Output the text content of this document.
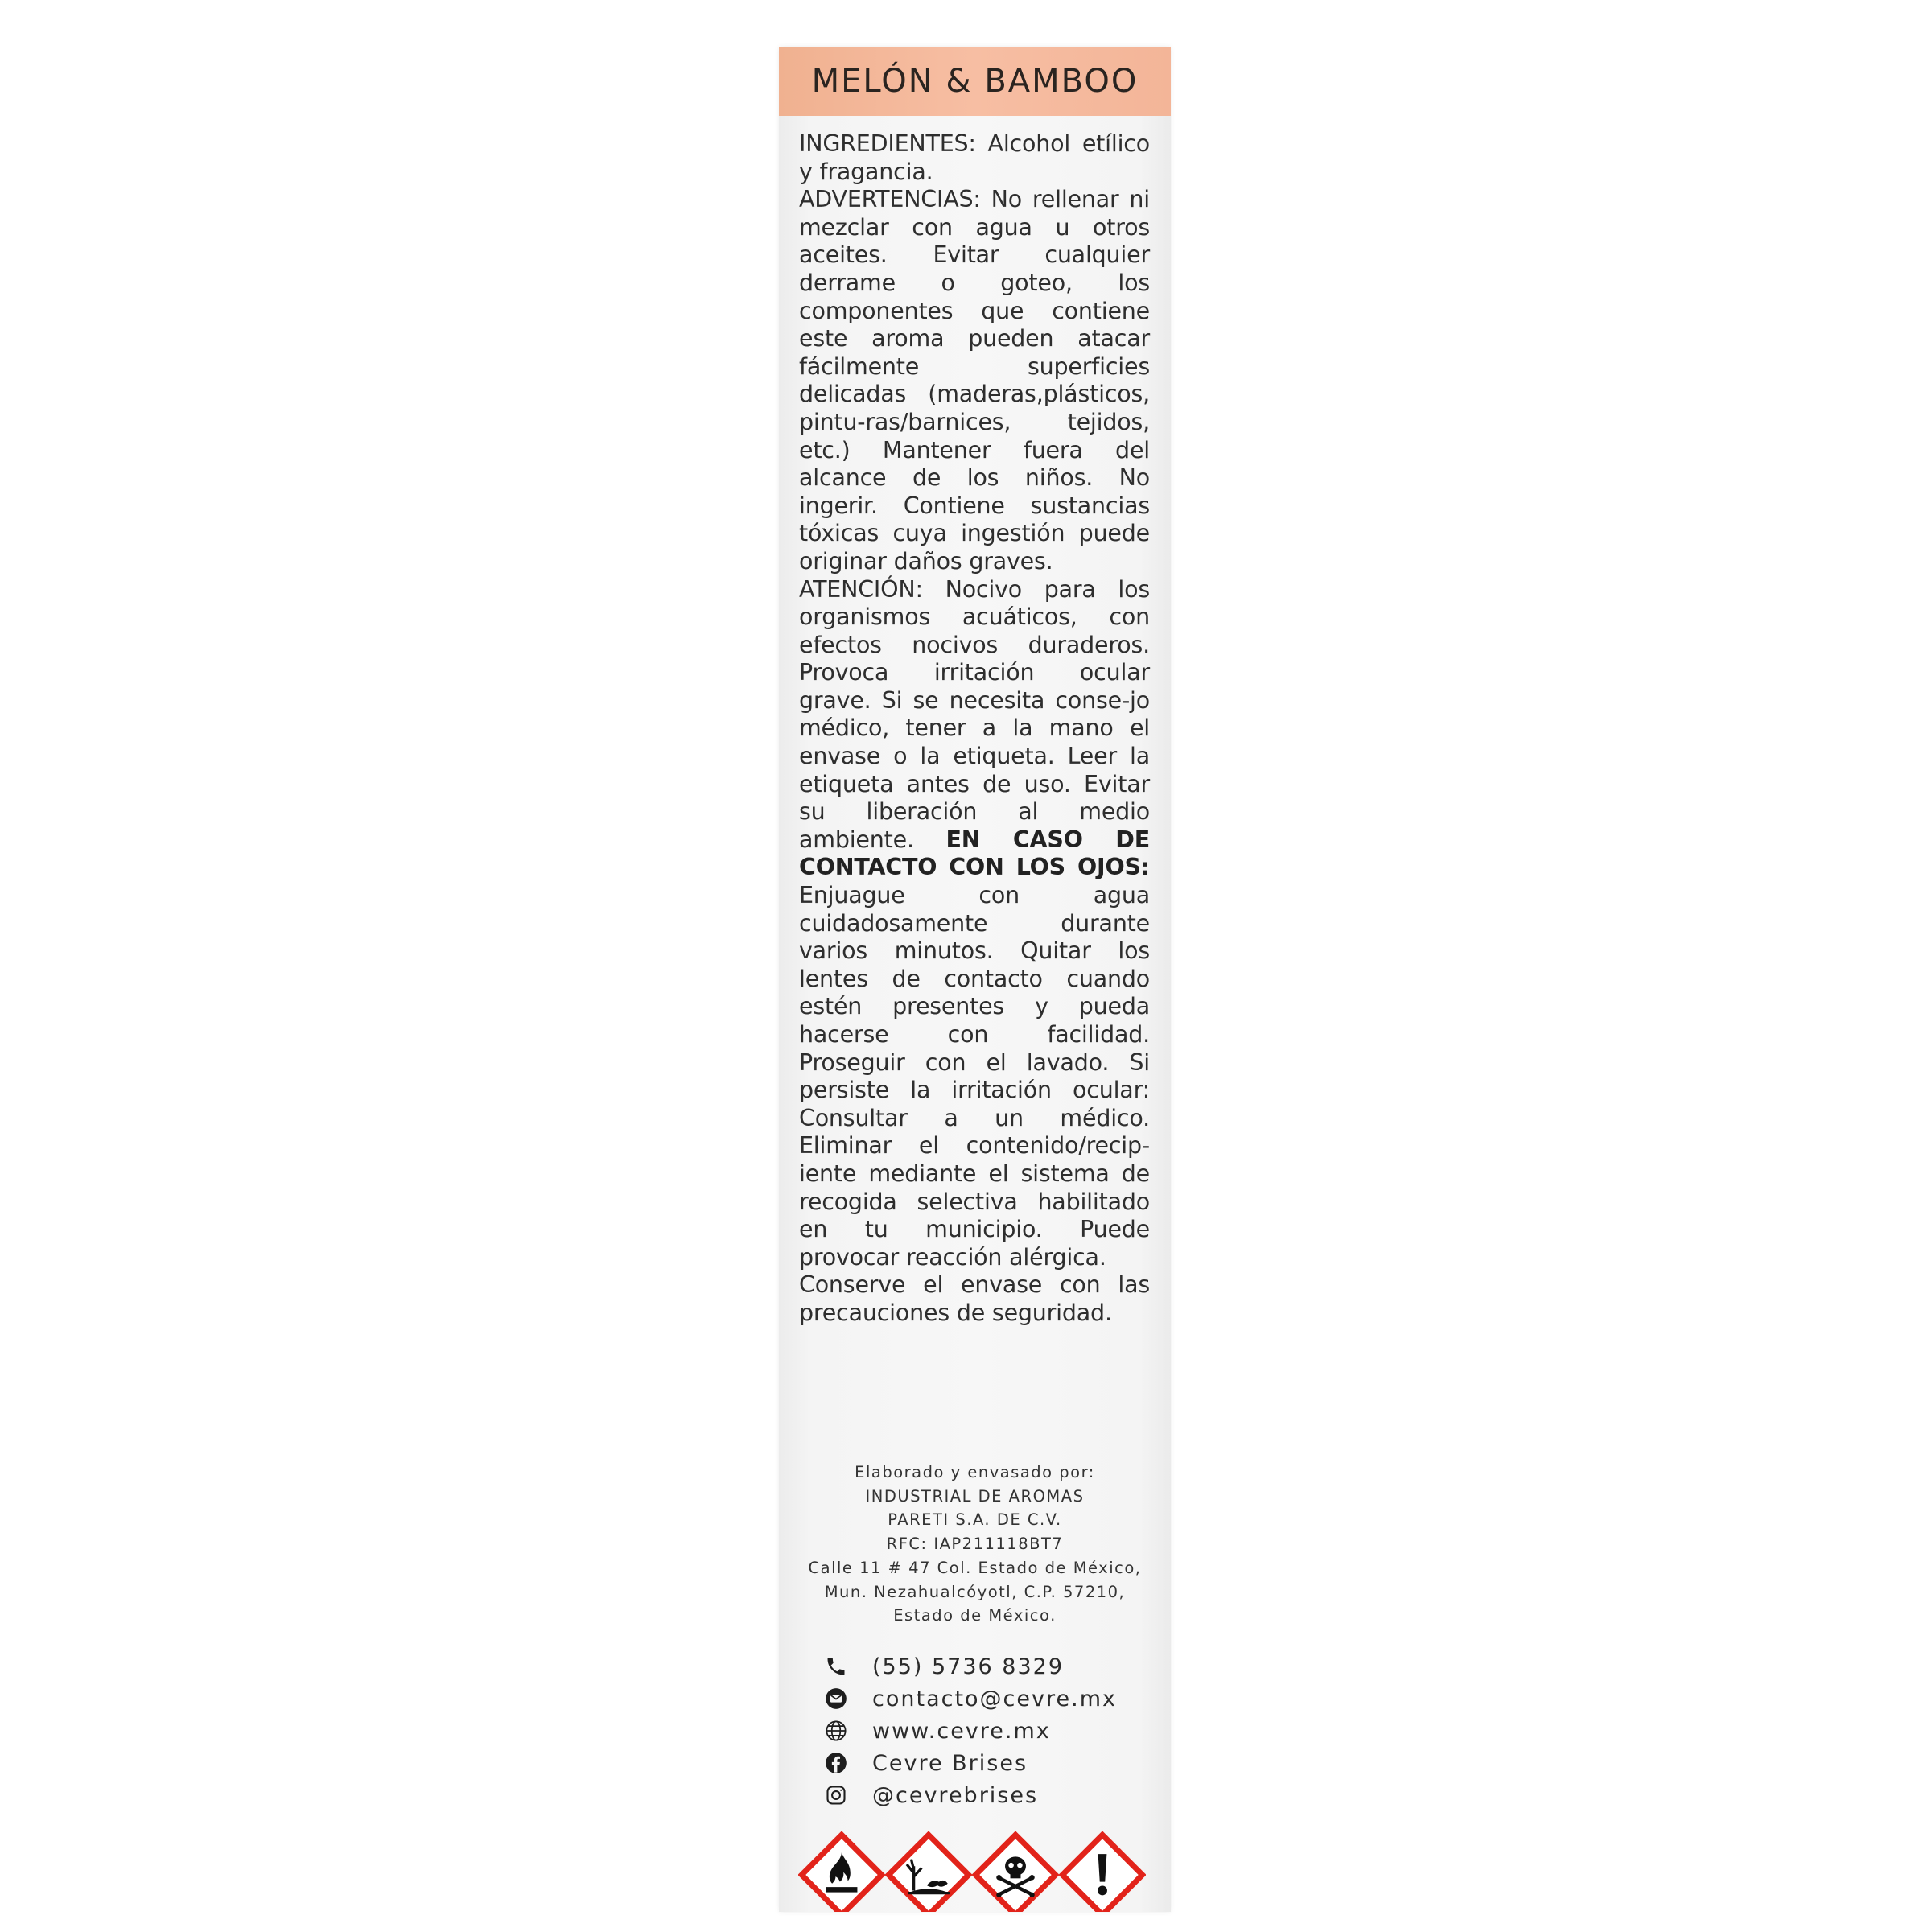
MELÓN & BAMBOO

INGREDIENTES: Alcohol etílico y fragancia.

ADVERTENCIAS: No rellenar ni mezclar con agua u otros aceites. Evitar cualquier derrame o goteo, los componentes que contiene este aroma pueden atacar fácilmente superficies delicadas (maderas,plásticos, pintu-ras/barnices, tejidos, etc.) Mantener fuera del alcance de los niños. No ingerir. Contiene sustancias tóxicas cuya ingestión puede originar daños graves.

ATENCIÓN: Nocivo para los organismos acuáticos, con efectos nocivos duraderos. Provoca irritación ocular grave. Si se necesita conse-jo médico, tener a la mano el envase o la etiqueta. Leer la etiqueta antes de uso. Evitar su liberación al medio ambiente. EN CASO DE CONTACTO CON LOS OJOS: Enjuague con agua cuidadosamente durante varios minutos. Quitar los lentes de contacto cuando estén presentes y pueda hacerse con facilidad. Proseguir con el lavado. Si persiste la irritación ocular: Consultar a un médico. Eliminar el contenido/recip-iente mediante el sistema de recogida selectiva habilitado en tu municipio. Puede provocar reacción alérgica.

Conserve el envase con las precauciones de seguridad.

Elaborado y envasado por:
INDUSTRIAL DE AROMAS
PARETI S.A. DE C.V.
RFC: IAP211118BT7
Calle 11 # 47 Col. Estado de México,
Mun. Nezahualcóyotl, C.P. 57210,
Estado de México.
(55) 5736 8329
contacto@cevre.mx
www.cevre.mx
Cevre Brises
@cevrebrises
